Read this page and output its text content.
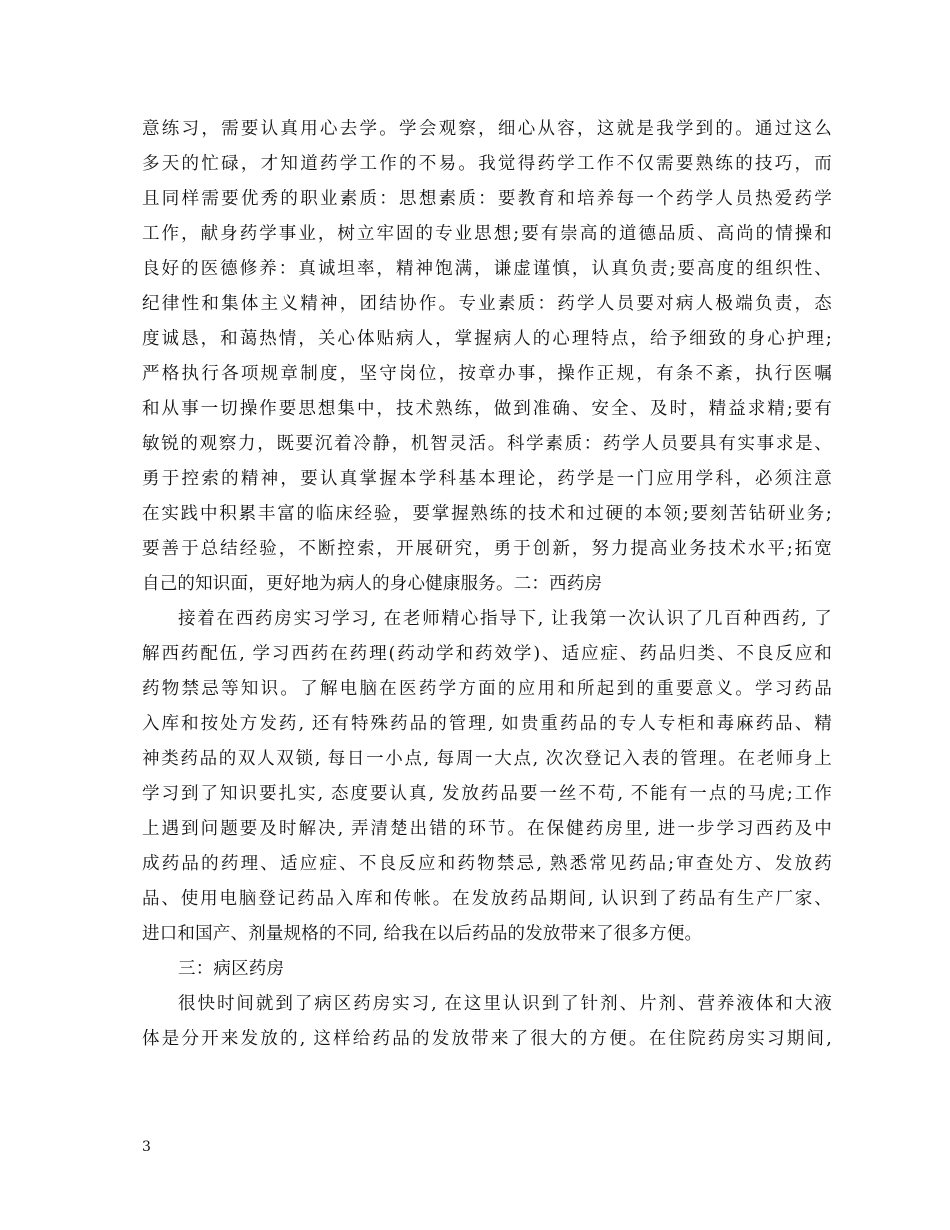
意练习，需要认真用心去学。学会观察，细心从容，这就是我学到的。通过这么
多天的忙碌，才知道药学工作的不易。我觉得药学工作不仅需要熟练的技巧，而
且同样需要优秀的职业素质：思想素质：要教育和培养每一个药学人员热爱药学
工作，献身药学事业，树立牢固的专业思想;要有崇高的道德品质、高尚的情操和
良好的医德修养：真诚坦率，精神饱满，谦虚谨慎，认真负责;要高度的组织性、
纪律性和集体主义精神，团结协作。专业素质：药学人员要对病人极端负责，态
度诚恳，和蔼热情，关心体贴病人，掌握病人的心理特点，给予细致的身心护理;
严格执行各项规章制度，坚守岗位，按章办事，操作正规，有条不紊，执行医嘱
和从事一切操作要思想集中，技术熟练，做到准确、安全、及时，精益求精;要有
敏锐的观察力，既要沉着冷静，机智灵活。科学素质：药学人员要具有实事求是、
勇于控索的精神，要认真掌握本学科基本理论，药学是一门应用学科，必须注意
在实践中积累丰富的临床经验，要掌握熟练的技术和过硬的本领;要刻苦钻研业务;
要善于总结经验，不断控索，开展研究，勇于创新，努力提高业务技术水平;拓宽
自己的知识面，更好地为病人的身心健康服务。二：西药房
接着在西药房实习学习, 在老师精心指导下, 让我第一次认识了几百种西药, 了
解西药配伍, 学习西药在药理(药动学和药效学)、适应症、药品归类、不良反应和
药物禁忌等知识。了解电脑在医药学方面的应用和所起到的重要意义。学习药品
入库和按处方发药, 还有特殊药品的管理, 如贵重药品的专人专柜和毒麻药品、精
神类药品的双人双锁, 每日一小点, 每周一大点, 次次登记入表的管理。在老师身上
学习到了知识要扎实, 态度要认真, 发放药品要一丝不苟, 不能有一点的马虎;工作
上遇到问题要及时解决, 弄清楚出错的环节。在保健药房里, 进一步学习西药及中
成药品的药理、适应症、不良反应和药物禁忌, 熟悉常见药品;审查处方、发放药
品、使用电脑登记药品入库和传帐。在发放药品期间, 认识到了药品有生产厂家、
进口和国产、剂量规格的不同, 给我在以后药品的发放带来了很多方便。
三：病区药房
很快时间就到了病区药房实习, 在这里认识到了针剂、片剂、营养液体和大液
体是分开来发放的, 这样给药品的发放带来了很大的方便。在住院药房实习期间,
3
